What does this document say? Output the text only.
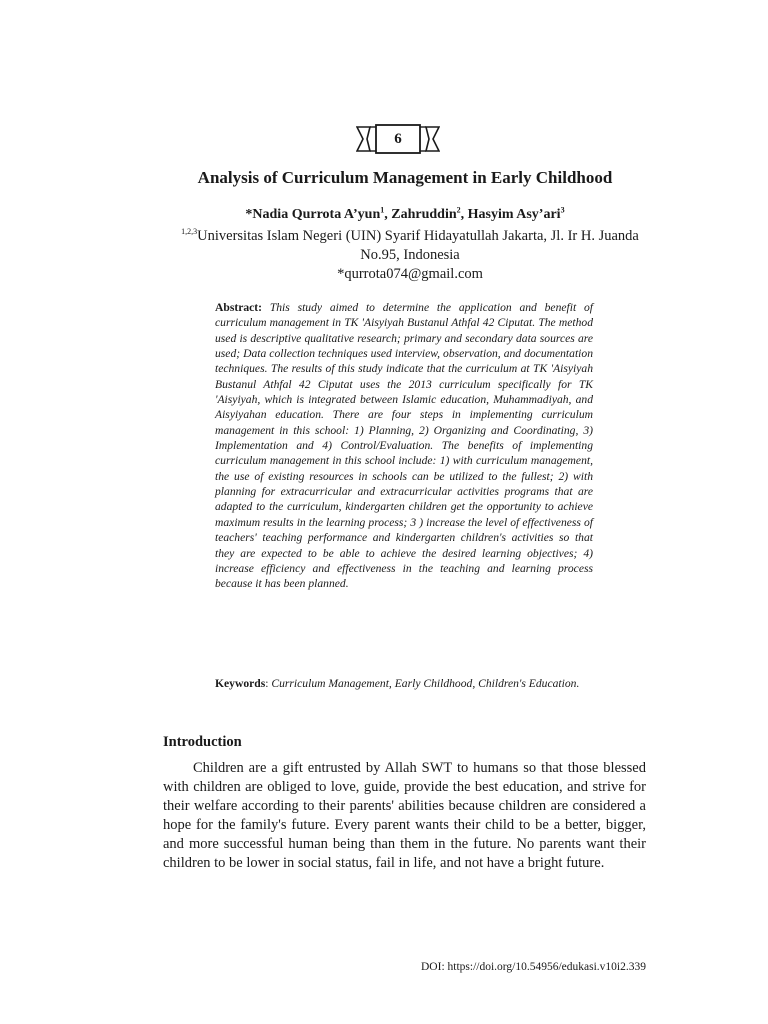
6
Analysis of Curriculum Management in Early Childhood
*Nadia Qurrota A’yun$^1$, Zahruddin$^2$, Hasyim Asy’ari$^3$
$^{1,2,3}$Universitas Islam Negeri (UIN) Syarif Hidayatullah Jakarta, Jl. Ir H. Juanda No.95, Indonesia
*qurrota074@gmail.com

Abstract: This study aimed to determine the application and benefit of curriculum management in TK 'Aisyiyah Bustanul Athfal 42 Ciputat. The method used is descriptive qualitative research; primary and secondary data sources are used; Data collection techniques used interview, observation, and documentation techniques. The results of this study indicate that the curriculum at TK 'Aisyiyah Bustanul Athfal 42 Ciputat uses the 2013 curriculum specifically for TK 'Aisyiyah, which is integrated between Islamic education, Muhammadiyah, and Aisyiyahan education. There are four steps in implementing curriculum management in this school: 1) Planning, 2) Organizing and Coordinating, 3) Implementation and 4) Control/Evaluation. The benefits of implementing curriculum management in this school include: 1) with curriculum management, the use of existing resources in schools can be utilized to the fullest; 2) with planning for extracurricular and extracurricular activities programs that are adapted to the curriculum, kindergarten children get the opportunity to achieve maximum results in the learning process; 3 ) increase the level of effectiveness of teachers' teaching performance and kindergarten children's activities so that they are expected to be able to achieve the desired learning objectives; 4) increase efficiency and effectiveness in the teaching and learning process because it has been planned.

Keywords: Curriculum Management, Early Childhood, Children's Education.

Introduction

Children are a gift entrusted by Allah SWT to humans so that those blessed with children are obliged to love, guide, provide the best education, and strive for their welfare according to their parents' abilities because children are considered a hope for the family's future. Every parent wants their child to be a better, bigger, and more successful human being than them in the future. No parents want their children to be lower in social status, fail in life, and not have a bright future.

DOI: https://doi.org/10.54956/edukasi.v10i2.339
